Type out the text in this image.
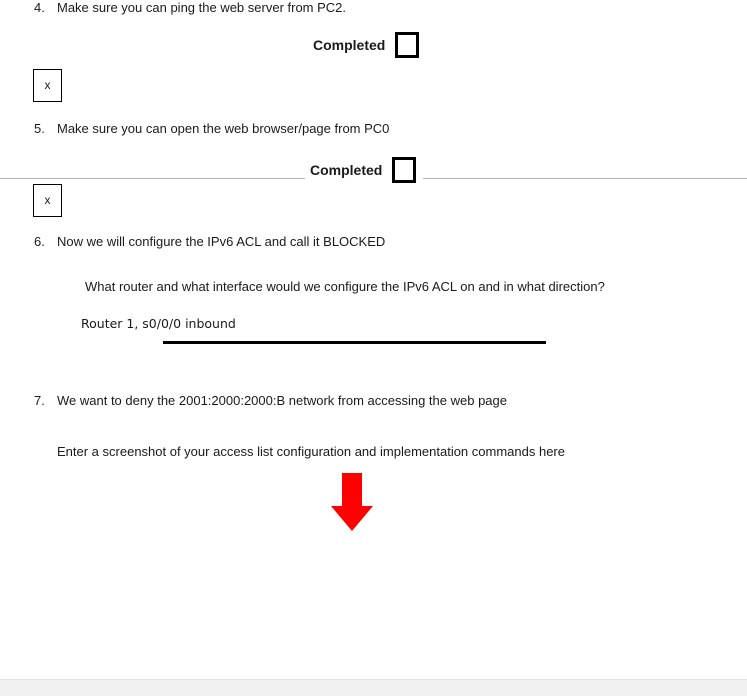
4. Make sure you can ping the web server from PC2.
Completed
x
5. Make sure you can open the web browser/page from PC0
Completed
x
6. Now we will configure the IPv6 ACL and call it BLOCKED
What router and what interface would we configure the IPv6 ACL on and in what direction?
Router 1, s0/0/0 inbound
7. We want to deny the 2001:2000:2000:B network from accessing the web page
Enter a screenshot of your access list configuration and implementation commands here
